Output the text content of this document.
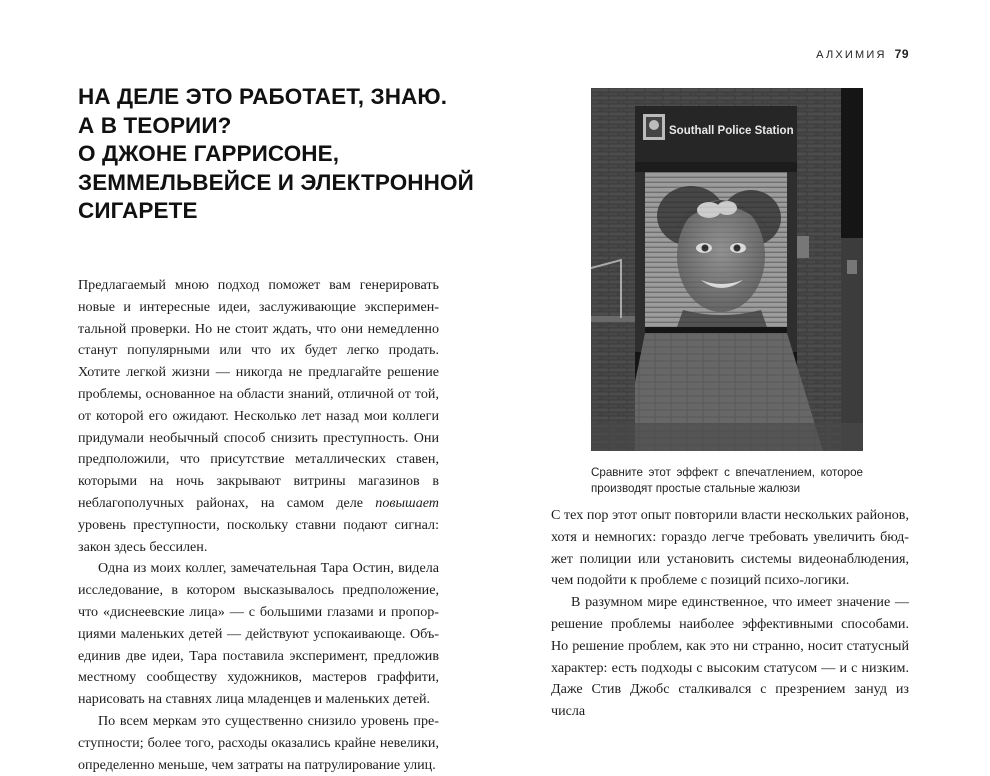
НА ДЕЛЕ ЭТО РАБОТАЕТ, ЗНАЮ.
А В ТЕОРИИ?
О ДЖОНЕ ГАРРИСОНЕ,
ЗЕММЕЛЬВЕЙСЕ И ЭЛЕКТРОННОЙ
СИГАРЕТЕ

Предлагаемый мною подход поможет вам генерировать новые и интересные идеи, заслуживающие экспериментальной проверки. Но не стоит ждать, что они немедленно станут популярными или что их будет легко продать. Хотите легкой жизни — никогда не предлагайте решение проблемы, основанное на области знаний, отличной от той, от которой его ожидают. Несколько лет назад мои коллеги придумали необычный способ снизить преступность. Они предположили, что присутствие металлических ставен, которыми на ночь закрывают витрины магазинов в неблагополучных районах, на самом деле повышает уровень преступности, поскольку ставни подают сигнал: закон здесь бессилен.

Одна из моих коллег, замечательная Тара Остин, видела исследование, в котором высказывалось предположение, что «диснеевские лица» — с большими глазами и пропорциями маленьких детей — действуют успокаивающе. Объединив две идеи, Тара поставила эксперимент, предложив местному сообществу художников, мастеров граффити, нарисовать на ставнях лица младенцев и маленьких детей.

По всем меркам это существенно снизило уровень преступности; более того, расходы оказались крайне невелики, определенно меньше, чем затраты на патрулирование улиц.

АЛХИМИЯ 79
Southall Police Station
Сравните этот эффект с впечатлением, которое производят простые стальные жалюзи

С тех пор этот опыт повторили власти нескольких районов, хотя и немногих: гораздо легче требовать увеличить бюджет полиции или установить системы видеонаблюдения, чем подойти к проблеме с позиций психо-логики.

В разумном мире единственное, что имеет значение — решение проблемы наиболее эффективными способами. Но решение проблем, как это ни странно, носит статусный характер: есть подходы с высоким статусом — и с низким. Даже Стив Джобс сталкивался с презрением зануд из числа
